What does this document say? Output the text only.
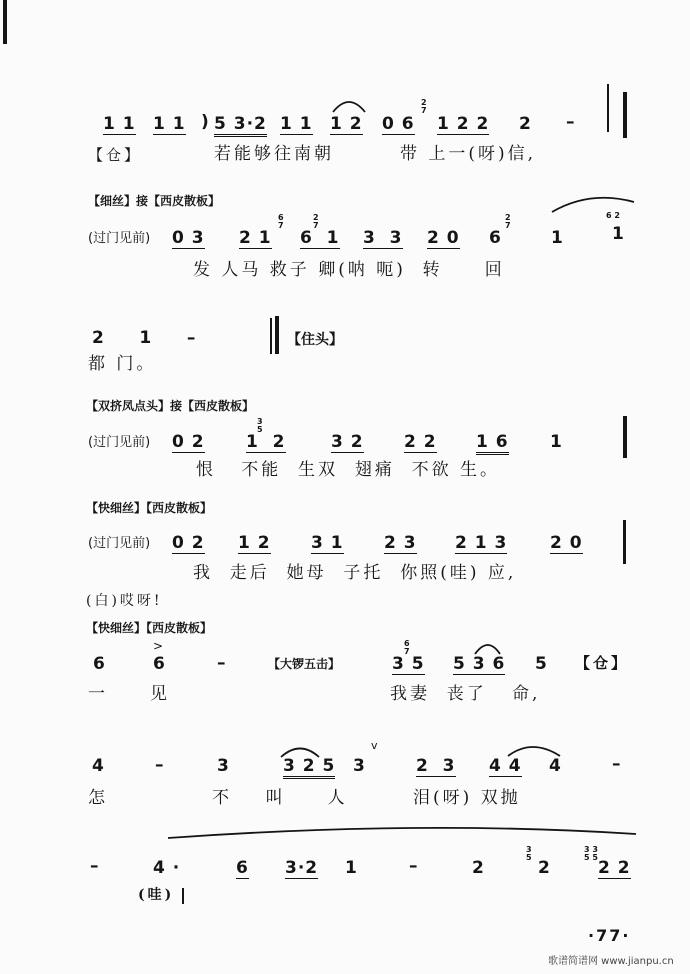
1 1 1 1 ) 5 3·2 1 1 1 2 0 6
2
7
1 2 2 2 –
【仓】	若能够往南朝	带 上一(呀)信,
【细丝】接【西皮散板】
(过门见前) 0 3 2 1
6
7
6  1
2
7
3  3 2 0 6
2
7
1
6 2
1
发 人马 救子 卿(呐 呃)  转     回
2     1     –	【住头】
都 门。
【双挤凤点头】接【西皮散板】
(过门见前) 0 2
3
5
1  2	3 2 2 2 1 6 1
恨   不能  生双  翅痛  不欲 生。
【快细丝】【西皮散板】
(过门见前) 0 2 1 2 3 1 2 3 2 1 3	2 0
我  走后  她母  子托  你照(哇) 应,
(白)哎呀!
【快细丝】【西皮散板】
>
6	6	–	【大锣五击】
6
7
3 5 5 3 6 5 【仓】
一     见	我妻  丧了   命,
4	–	3	3 2 5 3
v
2  3 4 4 4	–
怎	不    叫     人	泪(呀) 双抛
–	4 ·	6 3·2 1	–	2
3
5
2
3 3
5 5
2 2
(哇)
·77·
歌谱简谱网 www.jianpu.cn
